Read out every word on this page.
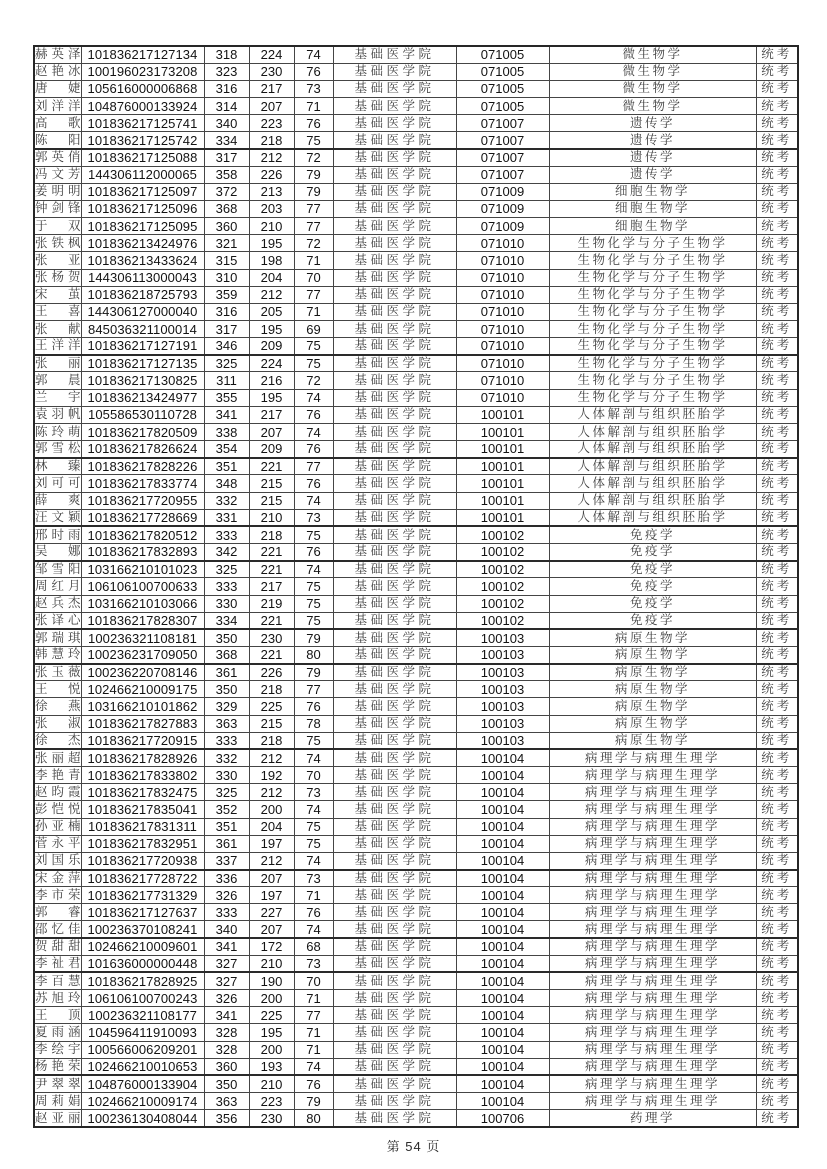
赫英泽	101836217127134	318	224	74	基础医学院	071005	微生物学	统考
赵艳冰	100196023173208	323	230	76	基础医学院	071005	微生物学	统考
唐婕	105616000006868	316	217	73	基础医学院	071005	微生物学	统考
刘洋洋	104876000133924	314	207	71	基础医学院	071005	微生物学	统考
高歌	101836217125741	340	223	76	基础医学院	071007	遗传学	统考
陈阳	101836217125742	334	218	75	基础医学院	071007	遗传学	统考
郭英俏	101836217125088	317	212	72	基础医学院	071007	遗传学	统考
冯文芳	144306112000065	358	226	79	基础医学院	071007	遗传学	统考
姜明明	101836217125097	372	213	79	基础医学院	071009	细胞生物学	统考
钟剑锋	101836217125096	368	203	77	基础医学院	071009	细胞生物学	统考
于双	101836217125095	360	210	77	基础医学院	071009	细胞生物学	统考
张铁枫	101836213424976	321	195	72	基础医学院	071010	生物化学与分子生物学	统考
张亚	101836213433624	315	198	71	基础医学院	071010	生物化学与分子生物学	统考
张杨贺	144306113000043	310	204	70	基础医学院	071010	生物化学与分子生物学	统考
宋茧	101836218725793	359	212	77	基础医学院	071010	生物化学与分子生物学	统考
王喜	144306127000040	316	205	71	基础医学院	071010	生物化学与分子生物学	统考
张献	845036321100014	317	195	69	基础医学院	071010	生物化学与分子生物学	统考
王洋洋	101836217127191	346	209	75	基础医学院	071010	生物化学与分子生物学	统考
张丽	101836217127135	325	224	75	基础医学院	071010	生物化学与分子生物学	统考
郭晨	101836217130825	311	216	72	基础医学院	071010	生物化学与分子生物学	统考
兰宇	101836213424977	355	195	74	基础医学院	071010	生物化学与分子生物学	统考
袁羽帆	105586530110728	341	217	76	基础医学院	100101	人体解剖与组织胚胎学	统考
陈玲萌	101836217820509	338	207	74	基础医学院	100101	人体解剖与组织胚胎学	统考
郭雪松	101836217826624	354	209	76	基础医学院	100101	人体解剖与组织胚胎学	统考
林臻	101836217828226	351	221	77	基础医学院	100101	人体解剖与组织胚胎学	统考
刘可可	101836217833774	348	215	76	基础医学院	100101	人体解剖与组织胚胎学	统考
薛爽	101836217720955	332	215	74	基础医学院	100101	人体解剖与组织胚胎学	统考
汪文颖	101836217728669	331	210	73	基础医学院	100101	人体解剖与组织胚胎学	统考
邢时雨	101836217820512	333	218	75	基础医学院	100102	免疫学	统考
吴娜	101836217832893	342	221	76	基础医学院	100102	免疫学	统考
邹雪阳	103166210101023	325	221	74	基础医学院	100102	免疫学	统考
周红月	106106100700633	333	217	75	基础医学院	100102	免疫学	统考
赵兵杰	103166210103066	330	219	75	基础医学院	100102	免疫学	统考
张译心	101836217828307	334	221	75	基础医学院	100102	免疫学	统考
郭瑞琪	100236321108181	350	230	79	基础医学院	100103	病原生物学	统考
韩慧玲	100236231709050	368	221	80	基础医学院	100103	病原生物学	统考
张玉薇	100236220708146	361	226	79	基础医学院	100103	病原生物学	统考
王悦	102466210009175	350	218	77	基础医学院	100103	病原生物学	统考
徐燕	103166210101862	329	225	76	基础医学院	100103	病原生物学	统考
张淑	101836217827883	363	215	78	基础医学院	100103	病原生物学	统考
徐杰	101836217720915	333	218	75	基础医学院	100103	病原生物学	统考
张丽超	101836217828926	332	212	74	基础医学院	100104	病理学与病理生理学	统考
李艳青	101836217833802	330	192	70	基础医学院	100104	病理学与病理生理学	统考
赵昀霞	101836217832475	325	212	73	基础医学院	100104	病理学与病理生理学	统考
彭恺悦	101836217835041	352	200	74	基础医学院	100104	病理学与病理生理学	统考
孙亚楠	101836217831311	351	204	75	基础医学院	100104	病理学与病理生理学	统考
菅永平	101836217832951	361	197	75	基础医学院	100104	病理学与病理生理学	统考
刘国乐	101836217720938	337	212	74	基础医学院	100104	病理学与病理生理学	统考
宋金萍	101836217728722	336	207	73	基础医学院	100104	病理学与病理生理学	统考
李市荣	101836217731329	326	197	71	基础医学院	100104	病理学与病理生理学	统考
郭睿	101836217127637	333	227	76	基础医学院	100104	病理学与病理生理学	统考
邵忆佳	100236370108241	340	207	74	基础医学院	100104	病理学与病理生理学	统考
贺甜甜	102466210009601	341	172	68	基础医学院	100104	病理学与病理生理学	统考
李祉君	101636000000448	327	210	73	基础医学院	100104	病理学与病理生理学	统考
李百慧	101836217828925	327	190	70	基础医学院	100104	病理学与病理生理学	统考
苏旭玲	106106100700243	326	200	71	基础医学院	100104	病理学与病理生理学	统考
王顶	100236321108177	341	225	77	基础医学院	100104	病理学与病理生理学	统考
夏雨涵	104596411910093	328	195	71	基础医学院	100104	病理学与病理生理学	统考
李绘宇	100566006209201	328	200	71	基础医学院	100104	病理学与病理生理学	统考
杨艳荣	102466210010653	360	193	74	基础医学院	100104	病理学与病理生理学	统考
尹翠翠	104876000133904	350	210	76	基础医学院	100104	病理学与病理生理学	统考
周莉娟	102466210009174	363	223	79	基础医学院	100104	病理学与病理生理学	统考
赵亚丽	100236130408044	356	230	80	基础医学院	100706	药理学	统考
第 54 页
